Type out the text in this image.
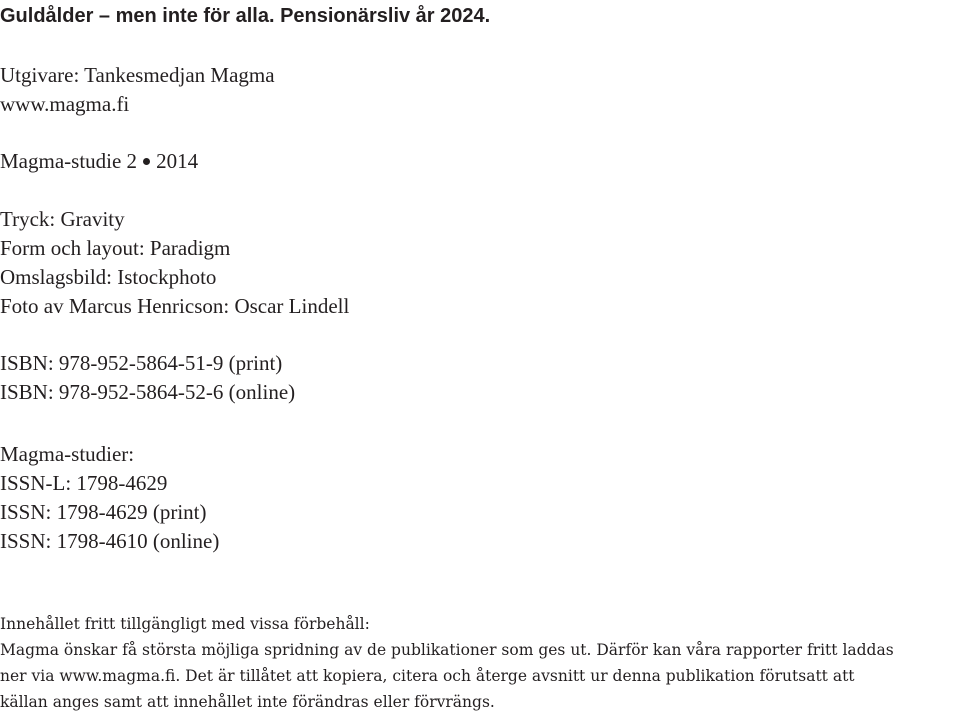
Guldålder – men inte för alla. Pensionärsliv år 2024.
Utgivare: Tankesmedjan Magma
www.magma.fi
Magma-studie 2 2014
Tryck: Gravity
Form och layout: Paradigm
Omslagsbild: Istockphoto
Foto av Marcus Henricson: Oscar Lindell
ISBN: 978-952-5864-51-9 (print)
ISBN: 978-952-5864-52-6 (online)
Magma-studier:
ISSN-L: 1798-4629
ISSN: 1798-4629 (print)
ISSN: 1798-4610 (online)
Innehållet fritt tillgängligt med vissa förbehåll:
Magma önskar få största möjliga spridning av de publikationer som ges ut. Därför kan våra rapporter fritt laddas
ner via www.magma.fi. Det är tillåtet att kopiera, citera och återge avsnitt ur denna publikation förutsatt att
källan anges samt att innehållet inte förändras eller förvrängs.
